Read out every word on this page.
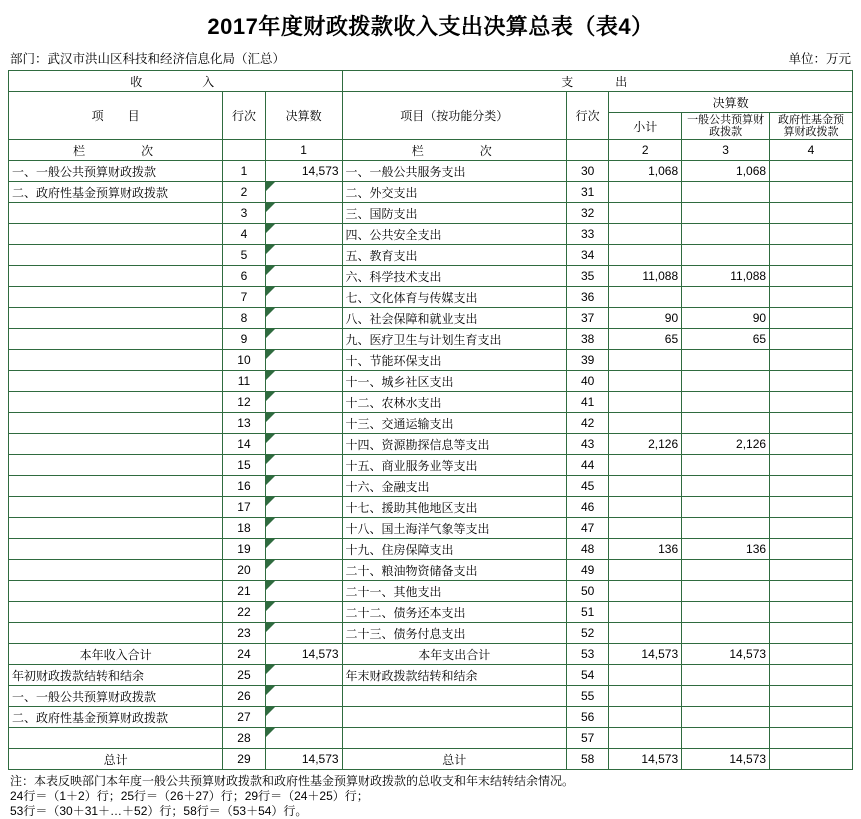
2017年度财政拨款收入支出决算总表（表4）
部门：武汉市洪山区科技和经济信息化局（汇总）	单位：万元
收　　　入			支　　出				
项　　目	行次	决算数	项目（按功能分类）	行次	决算数		
					小计	一般公共预算财政拨款	政府性基金预算财政拨款
栏　　　次		1	栏　　　次		2	3	4
一、一般公共预算财政拨款	1	14,573	一、一般公共服务支出	30	1,068	1,068	
二、政府性基金预算财政拨款	2		二、外交支出	31			
	3		三、国防支出	32			
	4		四、公共安全支出	33			
	5		五、教育支出	34			
	6		六、科学技术支出	35	11,088	11,088	
	7		七、文化体育与传媒支出	36			
	8		八、社会保障和就业支出	37	90	90	
	9		九、医疗卫生与计划生育支出	38	65	65	
	10		十、节能环保支出	39			
	11		十一、城乡社区支出	40			
	12		十二、农林水支出	41			
	13		十三、交通运输支出	42			
	14		十四、资源勘探信息等支出	43	2,126	2,126	
	15		十五、商业服务业等支出	44			
	16		十六、金融支出	45			
	17		十七、援助其他地区支出	46			
	18		十八、国土海洋气象等支出	47			
	19		十九、住房保障支出	48	136	136	
	20		二十、粮油物资储备支出	49			
	21		二十一、其他支出	50			
	22		二十二、债务还本支出	51			
	23		二十三、债务付息支出	52			
本年收入合计	24	14,573	本年支出合计	53	14,573	14,573	
年初财政拨款结转和结余	25		年末财政拨款结转和结余	54			
一、一般公共预算财政拨款	26			55			
二、政府性基金预算财政拨款	27			56			
	28			57			
总计	29	14,573	总计	58	14,573	14,573	
注：本表反映部门本年度一般公共预算财政拨款和政府性基金预算财政拨款的总收支和年末结转结余情况。
24行＝（1＋2）行；25行＝（26＋27）行；29行＝（24＋25）行；
53行＝（30＋31＋…＋52）行；58行＝（53＋54）行。
